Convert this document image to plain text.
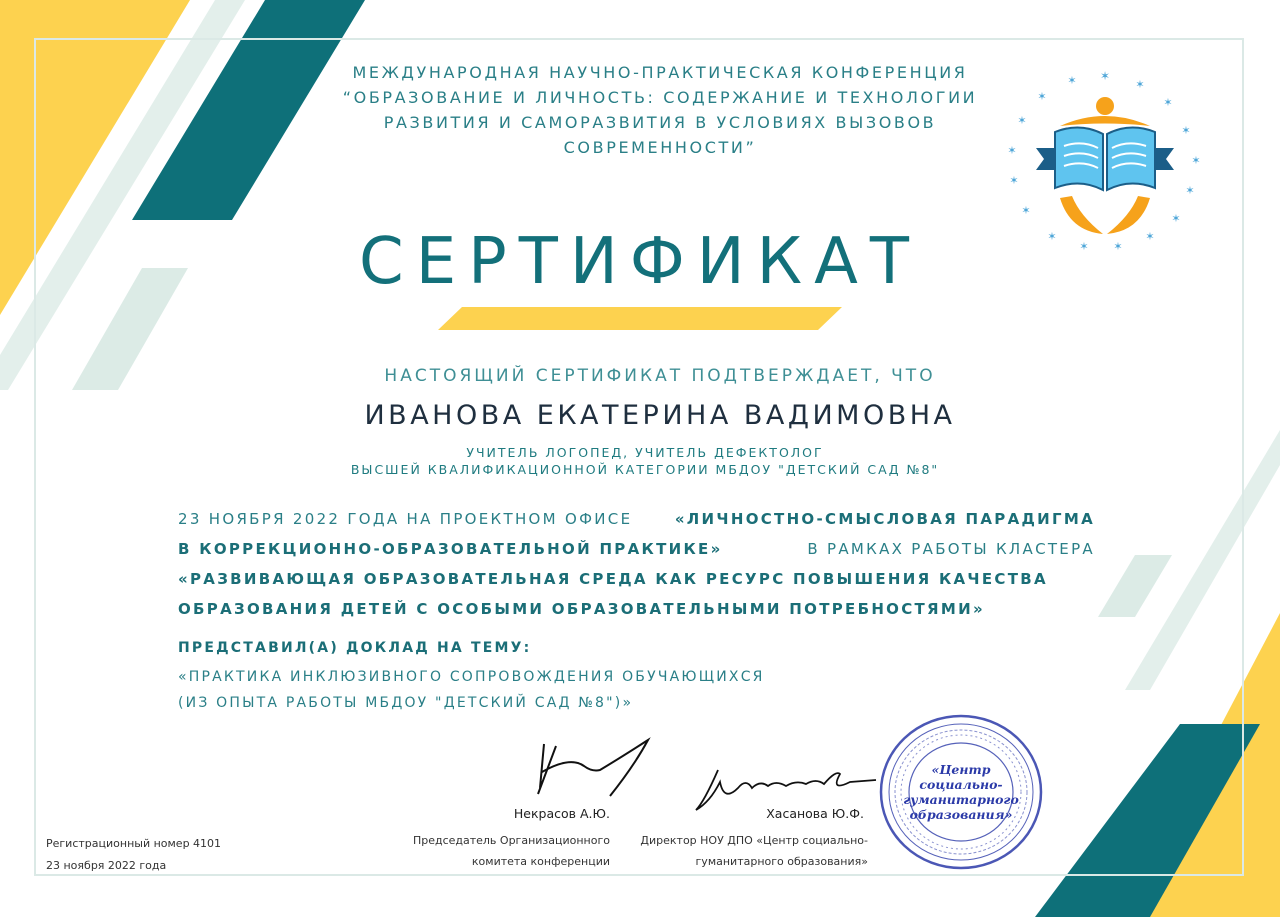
МЕЖДУНАРОДНАЯ НАУЧНО-ПРАКТИЧЕСКАЯ КОНФЕРЕНЦИЯ
“ОБРАЗОВАНИЕ И ЛИЧНОСТЬ: СОДЕРЖАНИЕ И ТЕХНОЛОГИИ
РАЗВИТИЯ И САМОРАЗВИТИЯ В УСЛОВИЯХ ВЫЗОВОВ
СОВРЕМЕННОСТИ”
✶
✶
✶
✶
✶
✶
✶
✶
✶
✶
✶
✶
✶
✶
✶
✶
✶
СЕРТИФИКАТ
НАСТОЯЩИЙ СЕРТИФИКАТ ПОДТВЕРЖДАЕТ, ЧТО
ИВАНОВА ЕКАТЕРИНА ВАДИМОВНА
УЧИТЕЛЬ ЛОГОПЕД, УЧИТЕЛЬ ДЕФЕКТОЛОГ
ВЫСШЕЙ КВАЛИФИКАЦИОННОЙ КАТЕГОРИИ МБДОУ "ДЕТСКИЙ САД №8"
23 НОЯБРЯ 2022 ГОДА НА ПРОЕКТНОМ ОФИСЕ	«ЛИЧНОСТНО-СМЫСЛОВАЯ ПАРАДИГМА
В КОРРЕКЦИОННО-ОБРАЗОВАТЕЛЬНОЙ ПРАКТИКЕ»	В РАМКАХ РАБОТЫ КЛАСТЕРА
«РАЗВИВАЮЩАЯ ОБРАЗОВАТЕЛЬНАЯ СРЕДА КАК РЕСУРС ПОВЫШЕНИЯ КАЧЕСТВА
ОБРАЗОВАНИЯ ДЕТЕЙ С ОСОБЫМИ ОБРАЗОВАТЕЛЬНЫМИ ПОТРЕБНОСТЯМИ»
ПРЕДСТАВИЛ(А) ДОКЛАД НА ТЕМУ:
«ПРАКТИКА ИНКЛЮЗИВНОГО СОПРОВОЖДЕНИЯ ОБУЧАЮЩИХСЯ
(ИЗ ОПЫТА РАБОТЫ МБДОУ "ДЕТСКИЙ САД №8")»
Регистрационный номер 4101
23 ноября 2022 года
Некрасов А.Ю.
Председатель Организационного
комитета конференции
Хасанова Ю.Ф.
Директор НОУ ДПО «Центр социально-
гуманитарного образования»
«Центр
социально-
гуманитарного
образования»
